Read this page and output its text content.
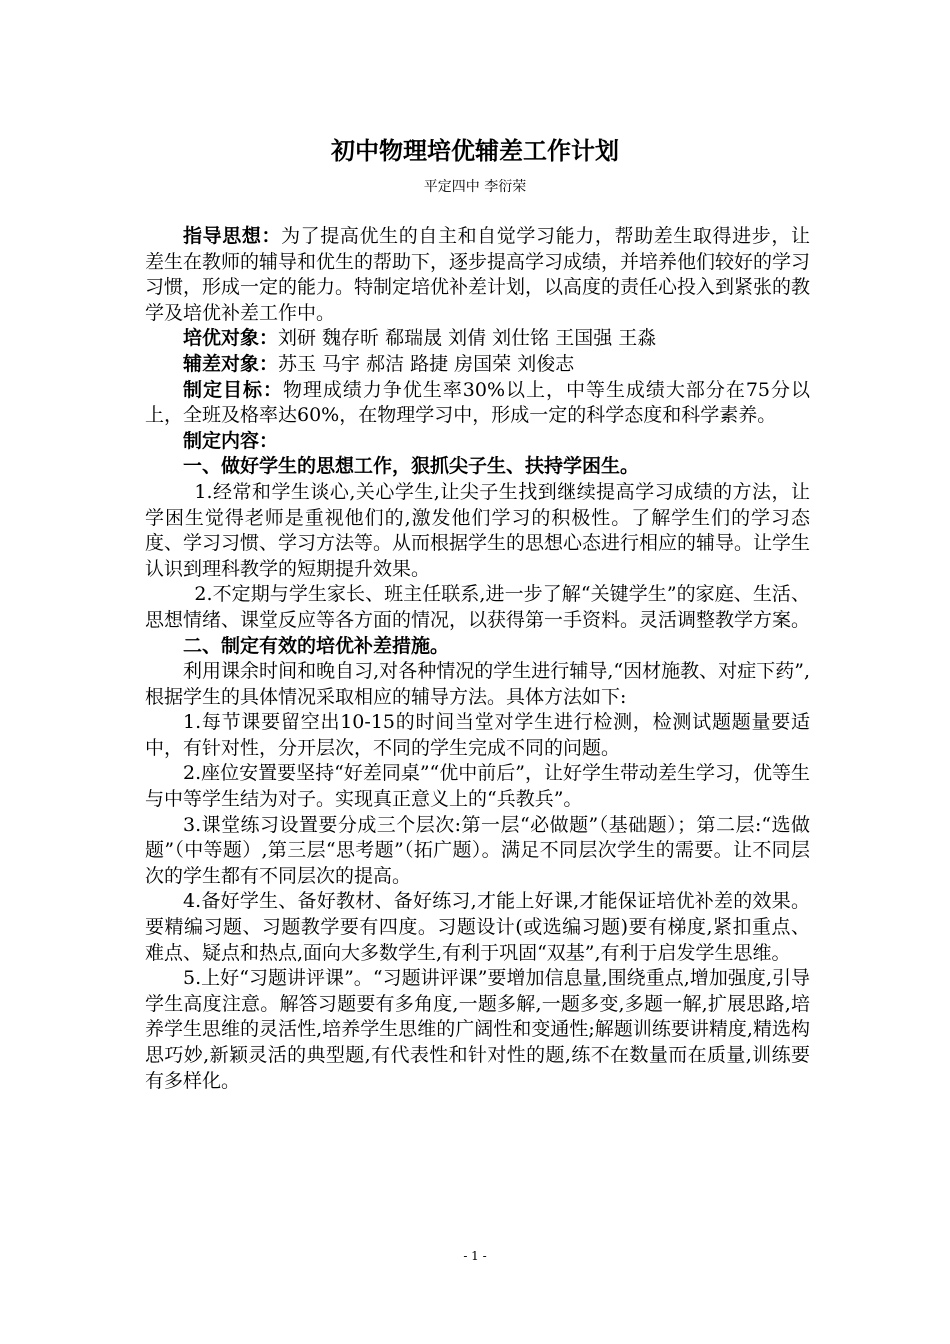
初中物理培优辅差工作计划
平定四中 李衍荣

指导思想：为了提高优生的自主和自觉学习能力，帮助差生取得进步，让差生在教师的辅导和优生的帮助下，逐步提高学习成绩，并培养他们较好的学习习惯，形成一定的能力。特制定培优补差计划，以高度的责任心投入到紧张的教学及培优补差工作中。

培优对象：刘研 魏存昕 郗瑞晟 刘倩 刘仕铭 王国强 王淼

辅差对象：苏玉 马宇 郝洁 路捷 房国荣 刘俊志

制定目标：物理成绩力争优生率30%以上，中等生成绩大部分在75分以上，全班及格率达60%，在物理学习中，形成一定的科学态度和科学素养。

制定内容：

一、做好学生的思想工作，狠抓尖子生、扶持学困生。

1.经常和学生谈心,关心学生,让尖子生找到继续提高学习成绩的方法，让学困生觉得老师是重视他们的,激发他们学习的积极性。了解学生们的学习态度、学习习惯、学习方法等。从而根据学生的思想心态进行相应的辅导。让学生认识到理科教学的短期提升效果。

2.不定期与学生家长、班主任联系,进一步了解“关键学生”的家庭、生活、思想情绪、课堂反应等各方面的情况，以获得第一手资料。灵活调整教学方案。

二、制定有效的培优补差措施。

利用课余时间和晚自习,对各种情况的学生进行辅导,“因材施教、对症下药”,根据学生的具体情况采取相应的辅导方法。具体方法如下:

1.每节课要留空出10-15的时间当堂对学生进行检测，检测试题题量要适中，有针对性，分开层次，不同的学生完成不同的问题。

2.座位安置要坚持“好差同桌”“优中前后”，让好学生带动差生学习，优等生与中等学生结为对子。实现真正意义上的“兵教兵”。

3.课堂练习设置要分成三个层次:第一层“必做题”（基础题）；第二层:“选做题”（中等题）,第三层“思考题”（拓广题）。满足不同层次学生的需要。让不同层次的学生都有不同层次的提高。

4.备好学生、备好教材、备好练习,才能上好课,才能保证培优补差的效果。要精编习题、习题教学要有四度。习题设计(或选编习题)要有梯度,紧扣重点、难点、疑点和热点,面向大多数学生,有利于巩固“双基”,有利于启发学生思维。

5.上好“习题讲评课”。“习题讲评课”要增加信息量,围绕重点,增加强度,引导学生高度注意。解答习题要有多角度,一题多解,一题多变,多题一解,扩展思路,培养学生思维的灵活性,培养学生思维的广阔性和变通性;解题训练要讲精度,精选构思巧妙,新颖灵活的典型题,有代表性和针对性的题,练不在数量而在质量,训练要有多样化。

- 1 -
